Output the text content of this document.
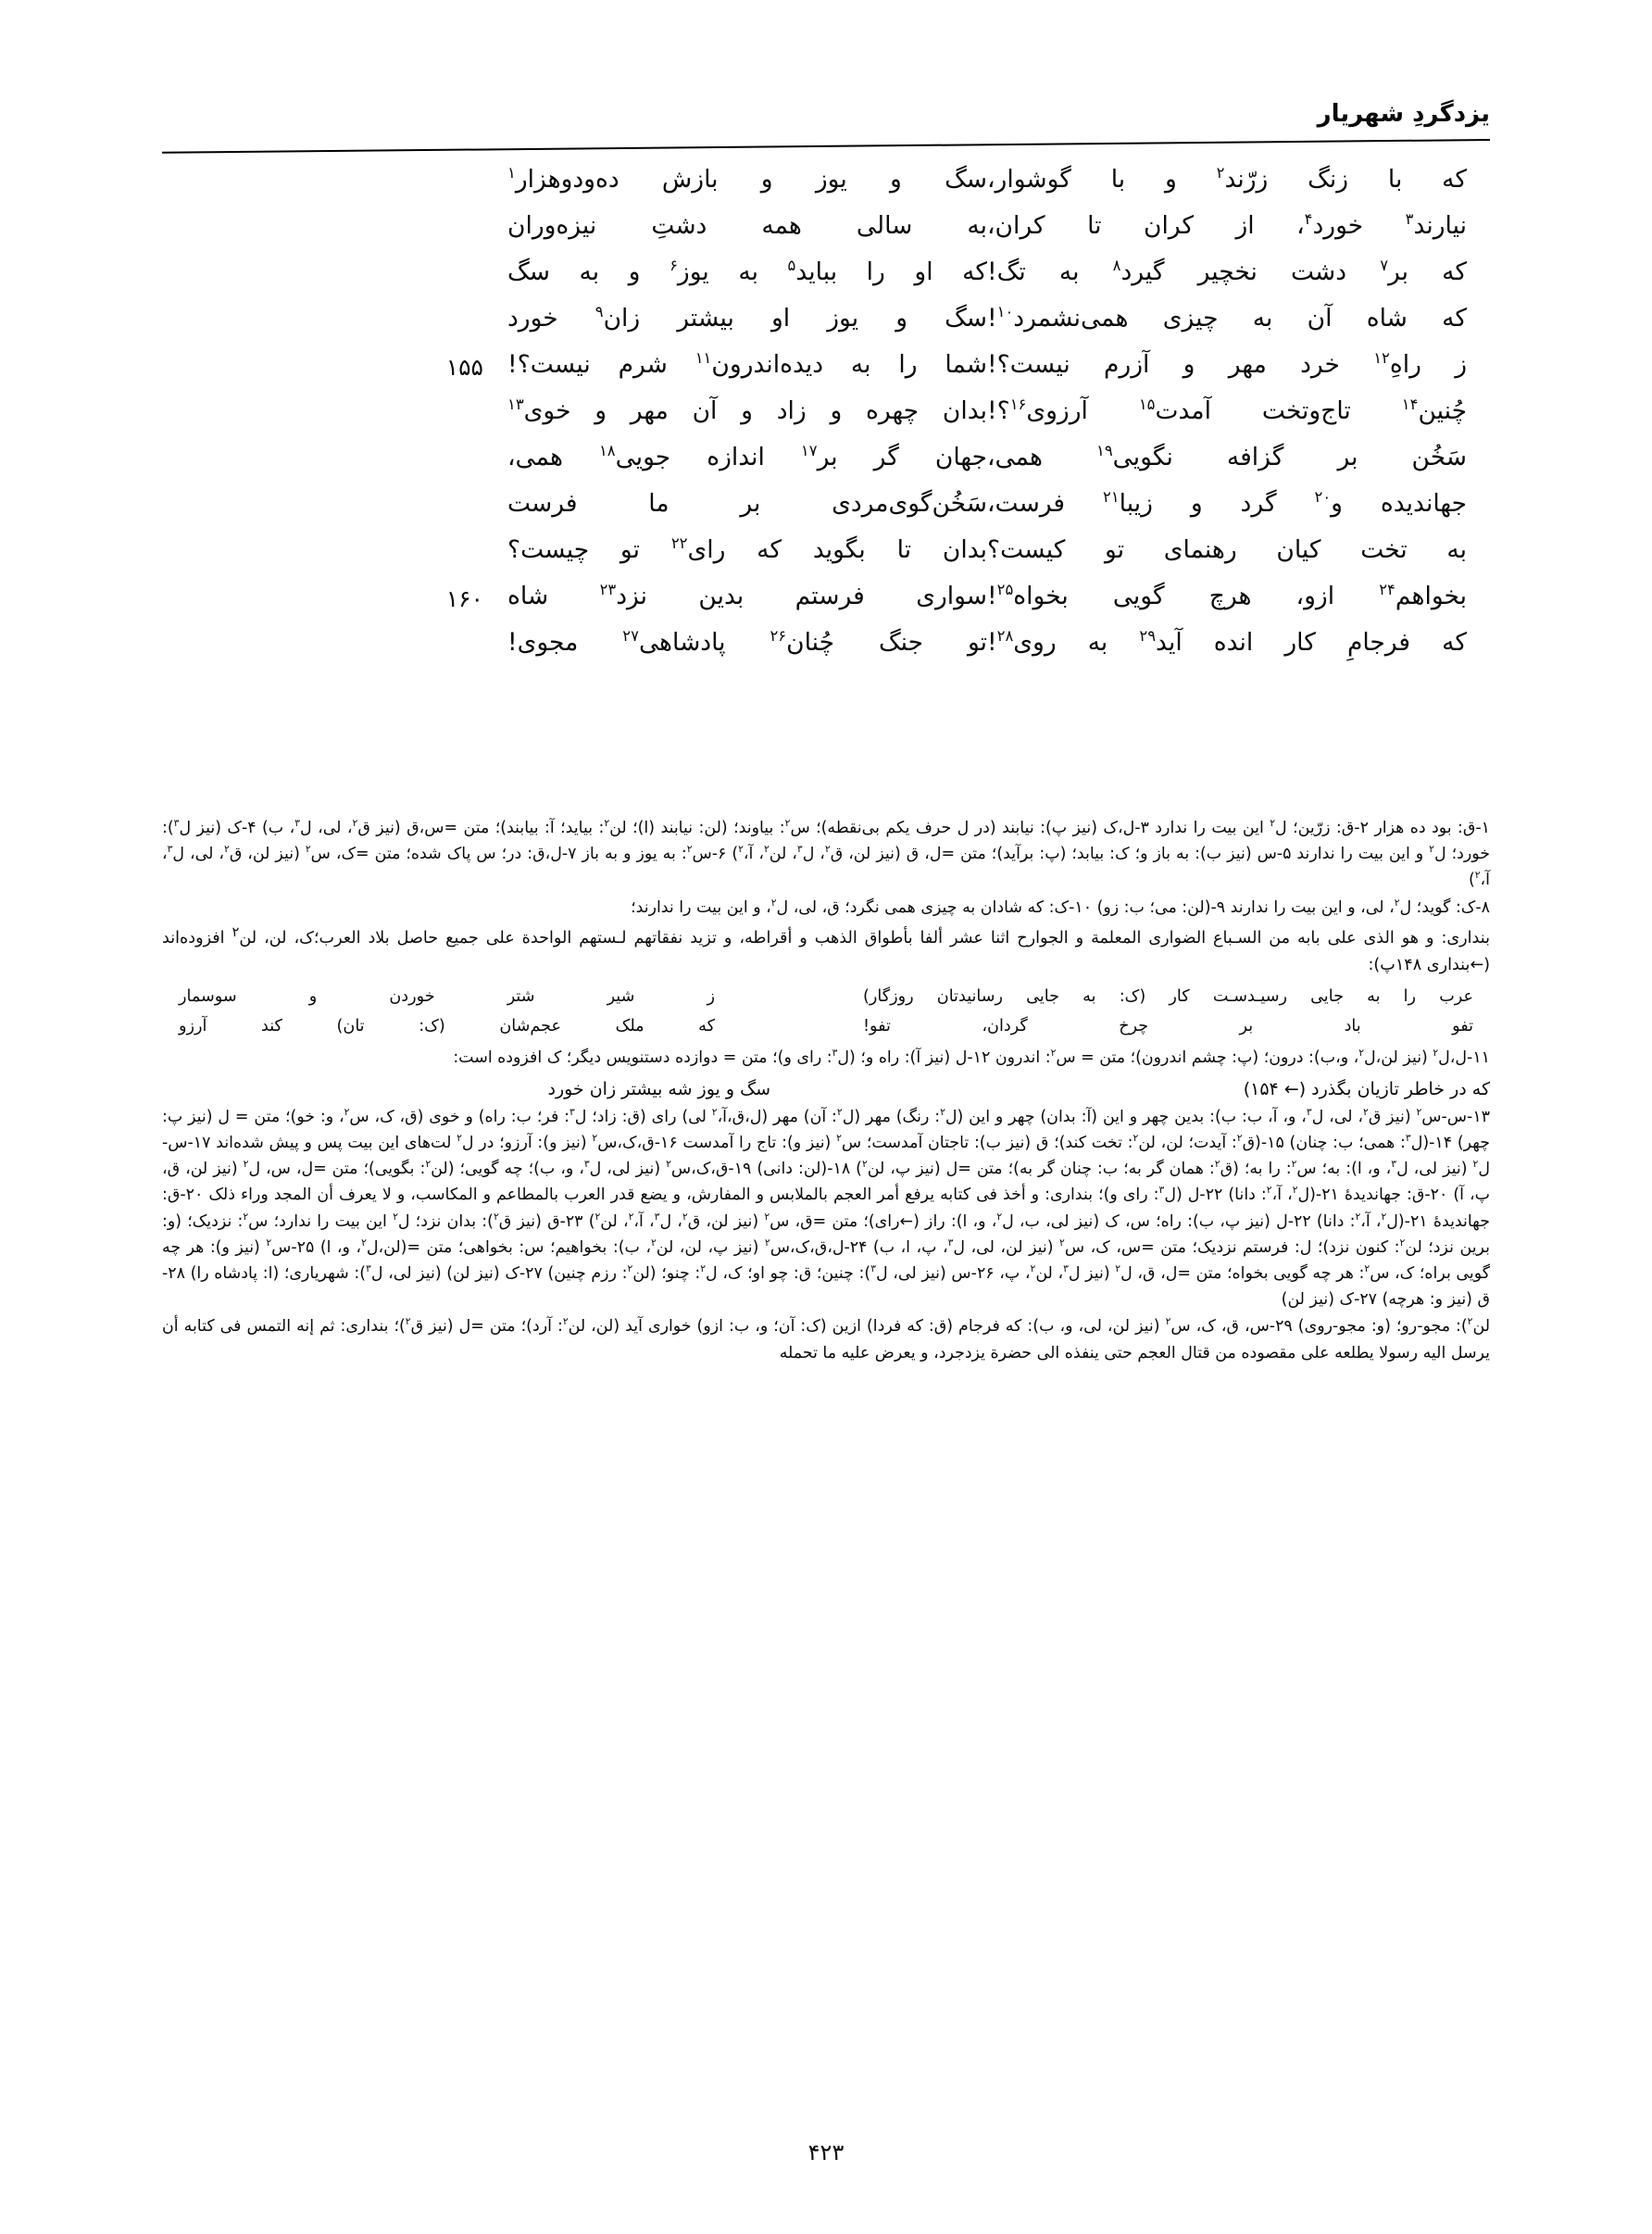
یزدگردِ شهریار
که با زنگ زرّند$^۲$ و با گوشوار،
سگ و یوز و بازش ده‌ودوهزار$^۱$
نیارند$^۳$ خورد$^۴$، از کران تا کران،
به سالی همه دشتِ نیزه‌وران
که بر$^۷$ دشت نخچیر گیرد$^۸$ به تگ!
که او را بباید$^۵$ به یوز$^۶$ و به سگ
که شاه آن به چیزی همی‌نشمرد$^{۱۰}$!
سگ و یوز او بیشتر زان$^۹$ خورد
ز راهِ$^{۱۲}$ خرد مهر و آزرم نیست؟!
شما را به دیده‌اندرون$^{۱۱}$ شرم نیست؟!
۱۵۵
چُنین$^{۱۴}$ تاج‌وتخت آمدت$^{۱۵}$ آرزوی$^{۱۶}$؟!
بدان چهره و زاد و آن مهر و خوی$^{۱۳}$
سَخُن بر گزافه نگویی$^{۱۹}$ همی،
جهان گر بر$^{۱۷}$ اندازه جویی$^{۱۸}$ همی،
جهاندیده و$^{۲۰}$ گرد و زیبا$^{۲۱}$ فرست،
سَخُن‌گوی‌مردی بر ما فرست
به تخت کیان رهنمای تو کیست؟
بدان تا بگوید که رای$^{۲۲}$ تو چیست؟
بخواهم$^{۲۴}$ ازو، هرچ گویی بخواه$^{۲۵}$!
سواری فرستم بدین نزد$^{۲۳}$ شاه
۱۶۰
که فرجامِ کار انده آید$^{۲۹}$ به روی$^{۲۸}$!
تو جنگ چُنان$^{۲۶}$ پادشاهی$^{۲۷}$ مجوی!

۱-ق: بود ده هزار ۲-ق: زرّین؛ ل$^۲$ این بیت را ندارد ۳-ل،ک (نیز پ): نیابند (در ل حرف یکم بی‌نقطه)؛ س$^۲$: بیاوند؛ (لن: نیابند (ا)؛ لن$^۲$: بیاید؛ آ: بیابند)؛ متن =س،ق (نیز ق$^۲$، لی، ل$^۳$، ب) ۴-ک (نیز ل$^۳$): خورد؛ ل$^۲$ و این بیت را ندارند ۵-س (نیز ب): به باز و؛ ک: بیابد؛ (پ: برآید)؛ متن =ل، ق (نیز لن، ق$^۲$، ل$^۳$، لن$^۲$، آ،$^۲$) ۶-س$^۲$: به یوز و به باز ۷-ل،ق: در؛ س پاک شده؛ متن =ک، س$^۲$ (نیز لن، ق$^۲$، لی، ل$^۳$، آ،$^۲$)

۸-ک: گوید؛ ل$^۲$، لی، و این بیت را ندارند ۹-(لن: می؛ ب: زو) ۱۰-ک: که شادان به چیزی همی نگرد؛ ق، لی، ل$^۲$، و این بیت را ندارند؛

بنداری: و هو الذی علی بابه من السـباع الضواری المعلمة و الجوارح اثنا عشر ألفا بأطواق الذهب و أقراطه، و تزید نفقاتهم لـستهم الواحدة علی جمیع حاصل بلاد العرب؛ک، لن، لن$^۲$ افزوده‌اند (←بنداری ۱۴۸پ):

عرب را به جایی رسیـدسـت کار (ک: به جایی رسانیدتان روزگار)
ز شیر شتر خوردن و سوسمار
تفو باد بر چرخ گردان، تفو!
که ملک عجم‌شان (ک: تان) کند آرزو

۱۱-ل،ل$^۲$ (نیز لن،ل$^۲$، و،ب): درون؛ (پ: چشم اندرون)؛ متن = س$^۲$: اندرون ۱۲-ل (نیز آ): راه و؛ (ل$^۳$: رای و)؛ متن = دوازده دستنویس دیگر؛ ک افزوده است:

که در خاطر تازیان بگذرد (← ۱۵۴)
سگ و یوز شه بیشتر زان خورد

۱۳-س-س$^۲$ (نیز ق$^۲$، لی، ل$^۳$، و، آ، ب: ب): بدین چهر و این (آ: بدان) چهر و این (ل$^۲$: رنگ) مهر (ل$^۲$: آن) مهر (ل،ق،آ،$^۲$ لی) رای (ق: زاد؛ ل$^۳$: فر؛ ب: راه) و خوی (ق، ک، س$^۲$، و: خو)؛ متن = ل (نیز پ: چهر) ۱۴-(ل$^۳$: همی؛ ب: چنان) ۱۵-(ق$^۲$: آیدت؛ لن، لن$^۲$: تخت کند)؛ ق (نیز ب): تاجتان آمدست؛ س$^۲$ (نیز و): تاج را آمدست ۱۶-ق،ک،س$^۲$ (نیز و): آرزو؛ در ل$^۲$ لت‌های این بیت پس و پیش شده‌اند ۱۷-س-ل$^۲$ (نیز لی، ل$^۳$، و، ا): به؛ س$^۲$: را به؛ (ق$^۲$: همان گر به؛ ب: چنان گر به)؛ متن =ل (نیز پ، لن$^۲$) ۱۸-(لن: دانی) ۱۹-ق،ک،س$^۲$ (نیز لی، ل$^۳$، و، ب)؛ چه گویی؛ (لن$^۲$: بگویی)؛ متن =ل، س، ل$^۲$ (نیز لن، ق، پ، آ) ۲۰-ق: جهاندیدهٔ ۲۱-(ل$^۲$، آ،$^۲$: دانا) ۲۲-ل (ل$^۳$: رای و)؛ بنداری: و أخذ فی کتابه یرفع أمر العجم بالملابس و المفارش، و یضع قدر العرب بالمطاعم و المکاسب، و لا یعرف أن المجد وراء ذلک ۲۰-ق: جهاندیدهٔ ۲۱-(ل$^۲$، آ،$^۲$: دانا) ۲۲-ل (نیز پ، ب): راه؛ س، ک (نیز لی، ب، ل$^۲$، و، ا): راز (←رای)؛ متن =ق، س$^۲$ (نیز لن، ق$^۲$، ل$^۳$، آ،$^۲$، لن$^۲$) ۲۳-ق (نیز ق$^۲$): بدان نزد؛ ل$^۲$ این بیت را ندارد؛ س$^۲$: نزدیک؛ (و: برین نزد؛ لن$^۲$: کنون نزد)؛ ل: فرستم نزدیک؛ متن =س، ک، س$^۲$ (نیز لن، لی، ل$^۳$، پ، ا، ب) ۲۴-ل،ق،ک،س$^۲$ (نیز پ، لن، لن$^۲$، ب): بخواهیم؛ س: بخواهی؛ متن =(لن،ل$^۲$، و، ا) ۲۵-س$^۲$ (نیز و): هر چه گویی براه؛ ک، س$^۲$: هر چه گویی بخواه؛ متن =ل، ق، ل$^۲$ (نیز ل$^۳$، لن$^۲$، پ، ۲۶-س (نیز لی، ل$^۳$): چنین؛ ق: چو او؛ ک، ل$^۲$: چنو؛ (لن$^۲$: رزم چنین) ۲۷-ک (نیز لن) (نیز لی، ل$^۳$): شهریاری؛ (ا: پادشاه را) ۲۸-ق (نیز و: هرچه) ۲۷-ک (نیز لن)

لن$^۲$): مجو-رو؛ (و: مجو-روی) ۲۹-س، ق، ک، س$^۲$ (نیز لن، لی، و، ب): که فرجام (ق: که فردا) ازین (ک: آن؛ و، ب: ازو) خواری آید (لن، لن$^۲$: آرد)؛ متن =ل (نیز ق$^۲$)؛ بنداری: ثم إنه التمس فی کتابه أن یرسل الیه رسولا یطلعه علی مقصوده من قتال العجم حتی ینفذه الی حضرة یزدجرد، و یعرض علیه ما تحمله

۴۲۳
